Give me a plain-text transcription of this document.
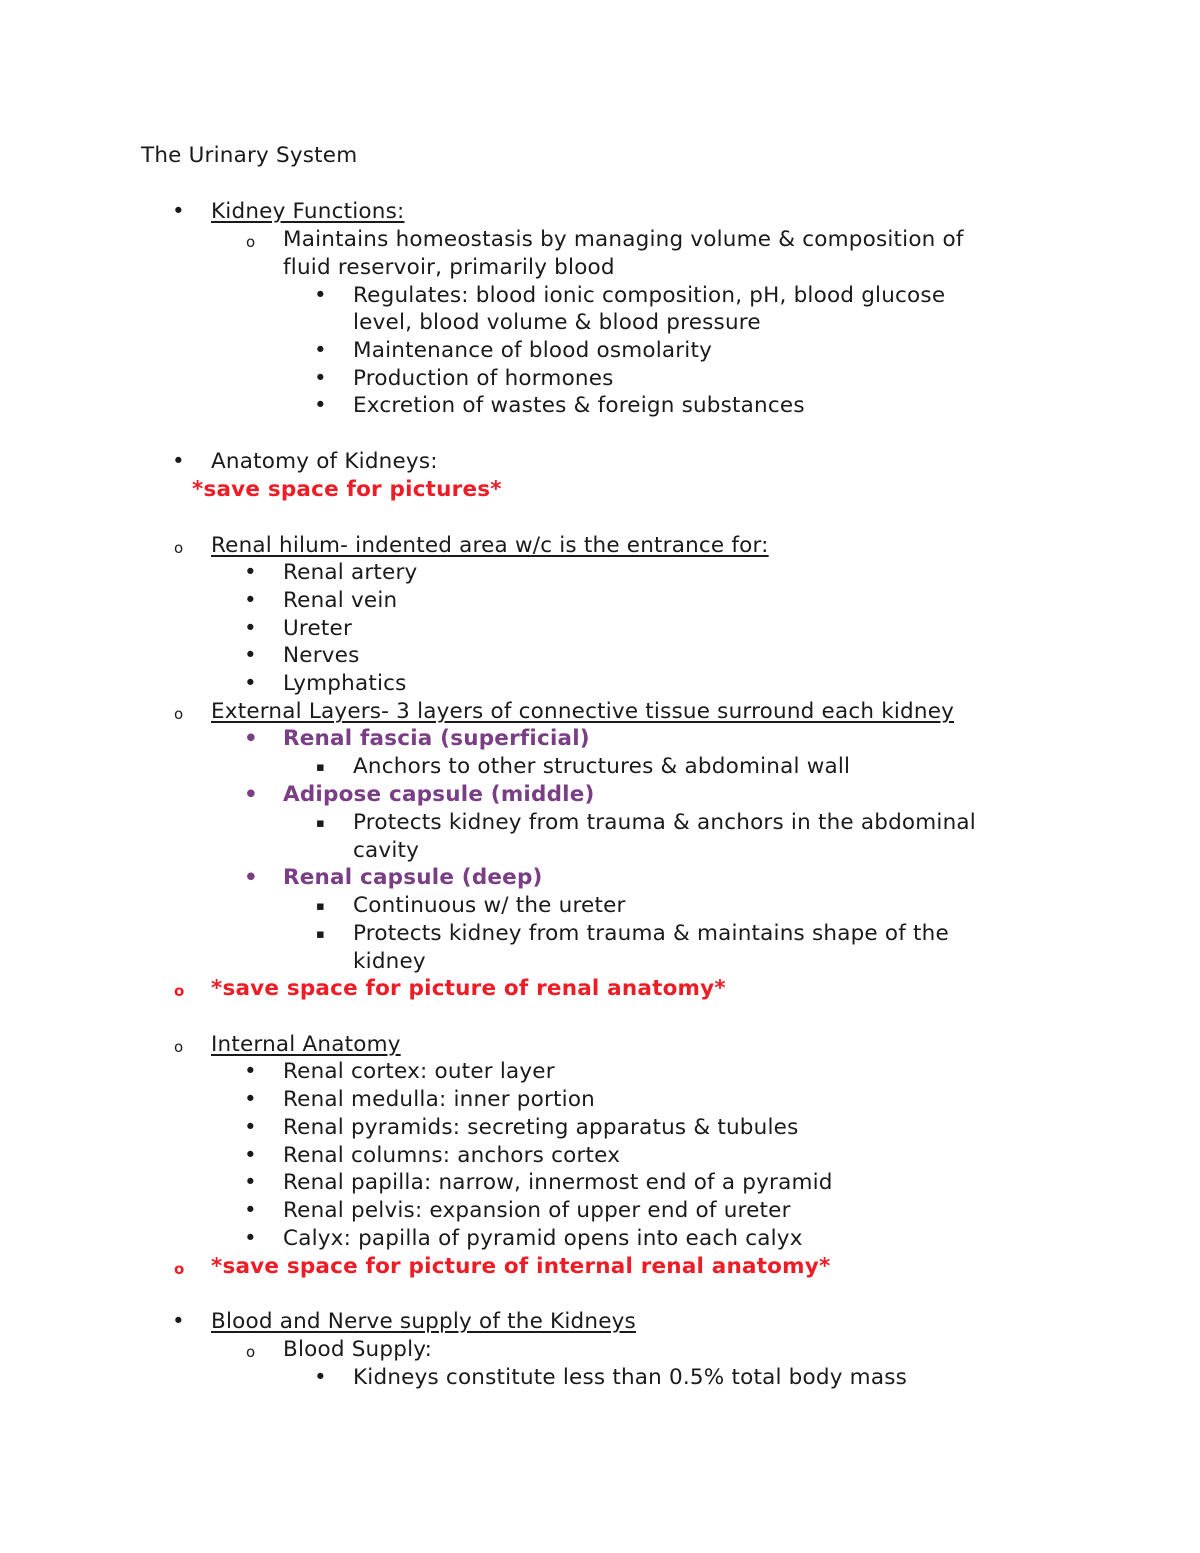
The Urinary System
• Kidney Functions:
o Maintains homeostasis by managing volume & composition of
fluid reservoir, primarily blood
• Regulates: blood ionic composition, pH, blood glucose
level, blood volume & blood pressure
• Maintenance of blood osmolarity
• Production of hormones
• Excretion of wastes & foreign substances
• Anatomy of Kidneys:
*save space for pictures*
o Renal hilum- indented area w/c is the entrance for:
• Renal artery
• Renal vein
• Ureter
• Nerves
• Lymphatics
o External Layers- 3 layers of connective tissue surround each kidney
• Renal fascia (superficial)
▪ Anchors to other structures & abdominal wall
• Adipose capsule (middle)
▪ Protects kidney from trauma & anchors in the abdominal
cavity
• Renal capsule (deep)
▪ Continuous w/ the ureter
▪ Protects kidney from trauma & maintains shape of the
kidney
o *save space for picture of renal anatomy*
o Internal Anatomy
• Renal cortex: outer layer
• Renal medulla: inner portion
• Renal pyramids: secreting apparatus & tubules
• Renal columns: anchors cortex
• Renal papilla: narrow, innermost end of a pyramid
• Renal pelvis: expansion of upper end of ureter
• Calyx: papilla of pyramid opens into each calyx
o *save space for picture of internal renal anatomy*
• Blood and Nerve supply of the Kidneys
o Blood Supply:
• Kidneys constitute less than 0.5% total body mass
